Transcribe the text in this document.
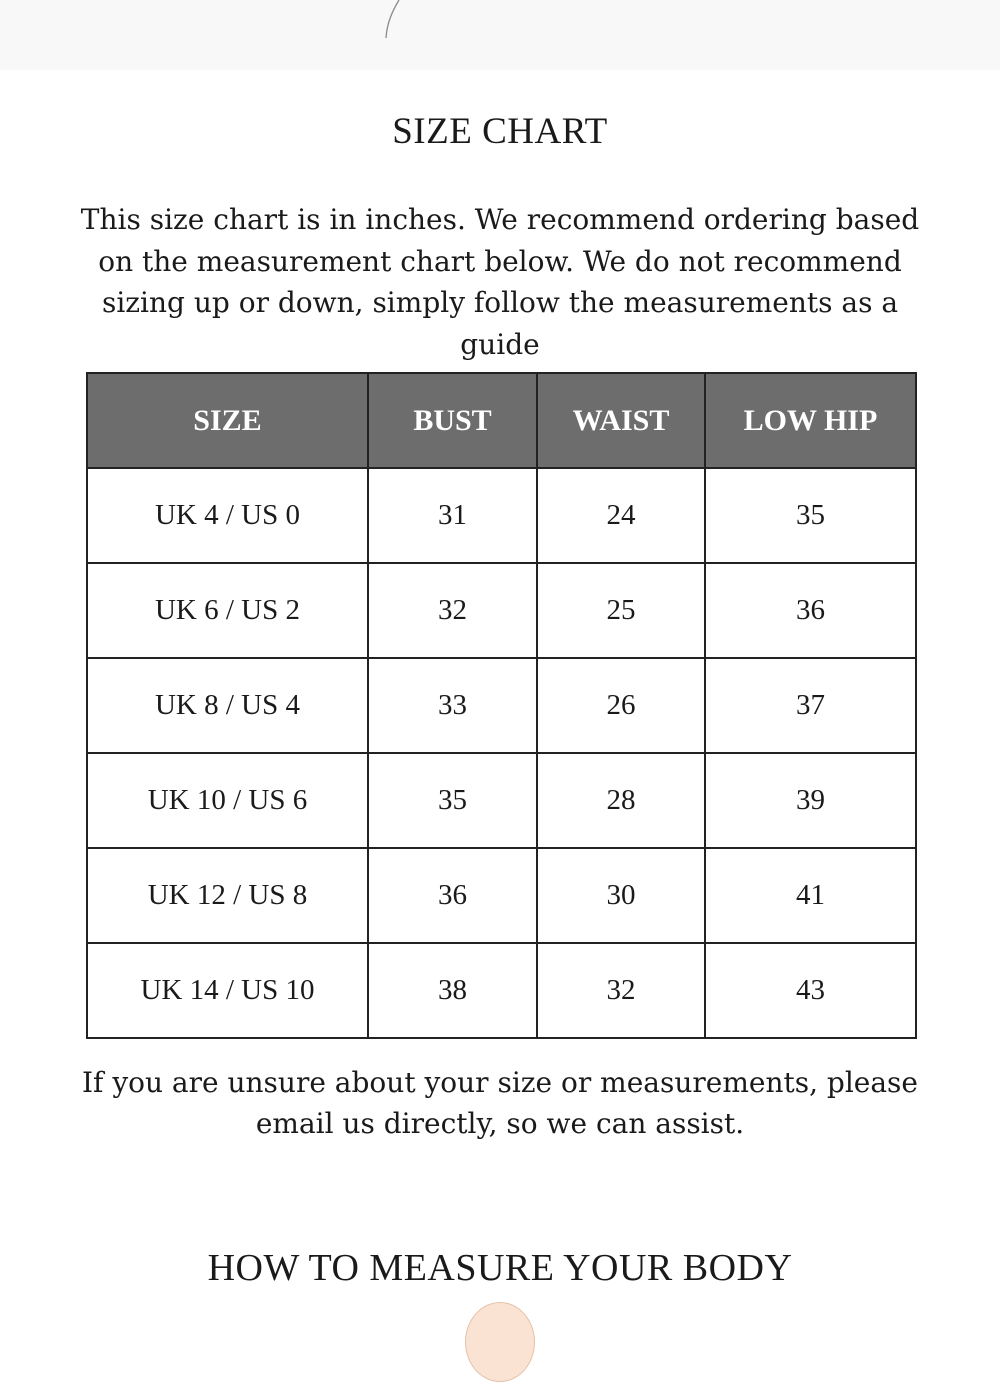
SIZE CHART

This size chart is in inches. We recommend ordering based on the measurement chart below. We do not recommend sizing up or down, simply follow the measurements as a guide

SIZE	BUST	WAIST	LOW HIP
UK 4 / US 0	31	24	35
UK 6 / US 2	32	25	36
UK 8 / US 4	33	26	37
UK 10 / US 6	35	28	39
UK 12 / US 8	36	30	41
UK 14 / US 10	38	32	43

If you are unsure about your size or measurements, please email us directly, so we can assist.

HOW TO MEASURE YOUR BODY
